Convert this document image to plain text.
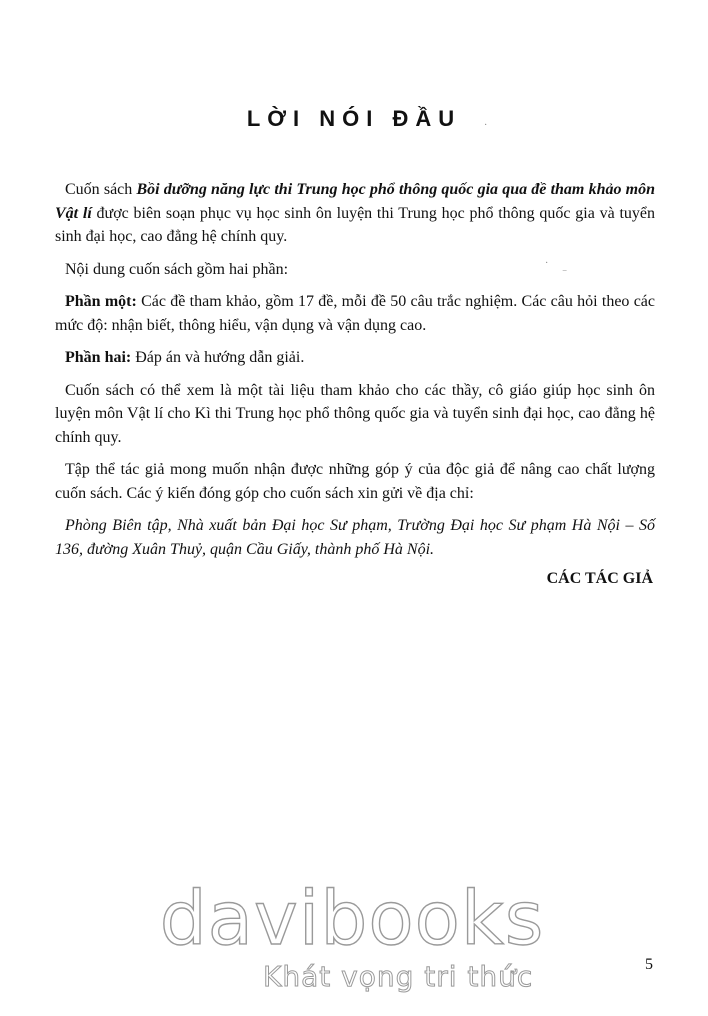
LỜI NÓI ĐẦU

Cuốn sách Bồi dưỡng năng lực thi Trung học phổ thông quốc gia qua đề tham khảo môn Vật lí được biên soạn phục vụ học sinh ôn luyện thi Trung học phổ thông quốc gia và tuyển sinh đại học, cao đẳng hệ chính quy.

Nội dung cuốn sách gồm hai phần:

Phần một: Các đề tham khảo, gồm 17 đề, mỗi đề 50 câu trắc nghiệm. Các câu hỏi theo các mức độ: nhận biết, thông hiểu, vận dụng và vận dụng cao.

Phần hai: Đáp án và hướng dẫn giải.

Cuốn sách có thể xem là một tài liệu tham khảo cho các thầy, cô giáo giúp học sinh ôn luyện môn Vật lí cho Kì thi Trung học phổ thông quốc gia và tuyển sinh đại học, cao đẳng hệ chính quy.

Tập thể tác giả mong muốn nhận được những góp ý của độc giả để nâng cao chất lượng cuốn sách. Các ý kiến đóng góp cho cuốn sách xin gửi về địa chỉ:

Phòng Biên tập, Nhà xuất bản Đại học Sư phạm, Trường Đại học Sư phạm Hà Nội – Số 136, đường Xuân Thuỷ, quận Cầu Giấy, thành phố Hà Nội.

CÁC TÁC GIẢ
davibooks
Khát vọng tri thức	5
·
·
⁻
